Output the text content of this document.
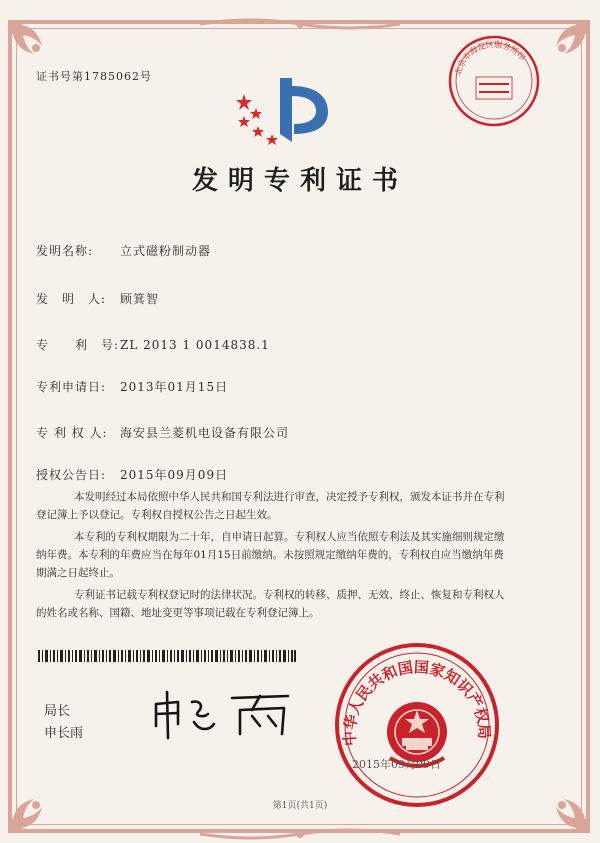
证书号第1785062号	北京市海淀区服务所印
发明专利证书
发明名称: 立式磁粉制动器
发　明　人: 顾箕智
专　　利　号:ZL 2013 1 0014838.1
专利申请日: 2013年01月15日
专 利 权 人: 海安县兰菱机电设备有限公司
授权公告日: 2015年09月09日

本发明经过本局依照中华人民共和国专利法进行审查，决定授予专利权，颁发本证书并在专利登记簿上予以登记。专利权自授权公告之日起生效。

本专利的专利权期限为二十年，自申请日起算。专利权人应当依照专利法及其实施细则规定缴纳年费。本专利的年费应当在每年01月15日前缴纳。未按照规定缴纳年费的，专利权自应当缴纳年费期满之日起终止。

专利证书记载专利权登记时的法律状况。专利权的转移、质押、无效、终止、恢复和专利权人的姓名或名称、国籍、地址变更等事项记载在专利登记簿上。

局长
申长雨	中华人民共和国国家知识产权局
2015年09月09日
第1页(共1页)
